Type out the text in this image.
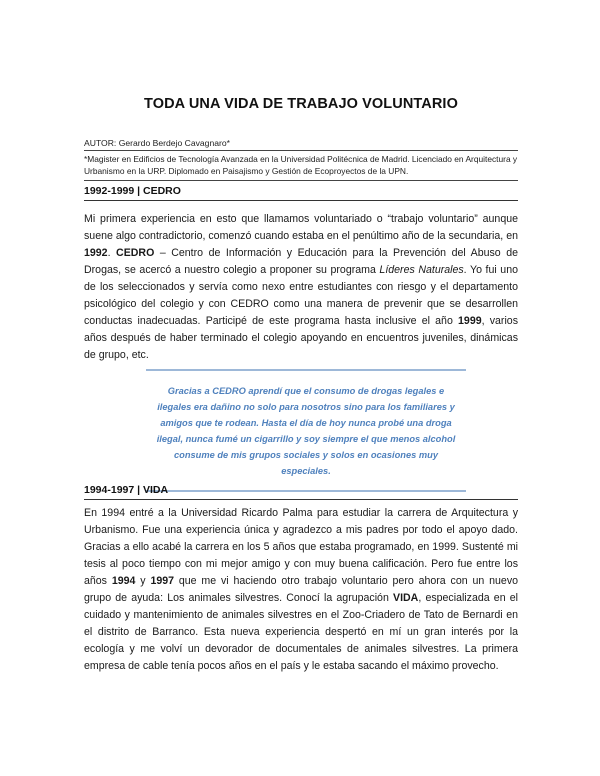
TODA UNA VIDA DE TRABAJO VOLUNTARIO
AUTOR: Gerardo Berdejo Cavagnaro*
*Magister en Edificios de Tecnología Avanzada en la Universidad Politécnica de Madrid. Licenciado en Arquitectura y Urbanismo en la URP. Diplomado en Paisajismo y Gestión de Ecoproyectos de la UPN.
1992-1999 | CEDRO
Mi primera experiencia en esto que llamamos voluntariado o “trabajo voluntario” aunque suene algo contradictorio, comenzó cuando estaba en el penúltimo año de la secundaria, en 1992. CEDRO – Centro de Información y Educación para la Prevención del Abuso de Drogas, se acercó a nuestro colegio a proponer su programa Líderes Naturales. Yo fui uno de los seleccionados y servía como nexo entre estudiantes con riesgo y el departamento psicológico del colegio y con CEDRO como una manera de prevenir que se desarrollen conductas inadecuadas. Participé de este programa hasta inclusive el año 1999, varios años después de haber terminado el colegio apoyando en encuentros juveniles, dinámicas de grupo, etc.
Gracias a CEDRO aprendí que el consumo de drogas legales e ilegales era dañino no solo para nosotros sino para los familiares y amigos que te rodean. Hasta el día de hoy nunca probé una droga ilegal, nunca fumé un cigarrillo y soy siempre el que menos alcohol consume de mis grupos sociales y solos en ocasiones muy especiales.
1994-1997 | VIDA
En 1994 entré a la Universidad Ricardo Palma para estudiar la carrera de Arquitectura y Urbanismo. Fue una experiencia única y agradezco a mis padres por todo el apoyo dado. Gracias a ello acabé la carrera en los 5 años que estaba programado, en 1999. Sustenté mi tesis al poco tiempo con mi mejor amigo y con muy buena calificación. Pero fue entre los años 1994 y 1997 que me vi haciendo otro trabajo voluntario pero ahora con un nuevo grupo de ayuda: Los animales silvestres. Conocí la agrupación VIDA, especializada en el cuidado y mantenimiento de animales silvestres en el Zoo-Criadero de Tato de Bernardi en el distrito de Barranco. Esta nueva experiencia despertó en mí un gran interés por la ecología y me volví un devorador de documentales de animales silvestres. La primera empresa de cable tenía pocos años en el país y le estaba sacando el máximo provecho.
